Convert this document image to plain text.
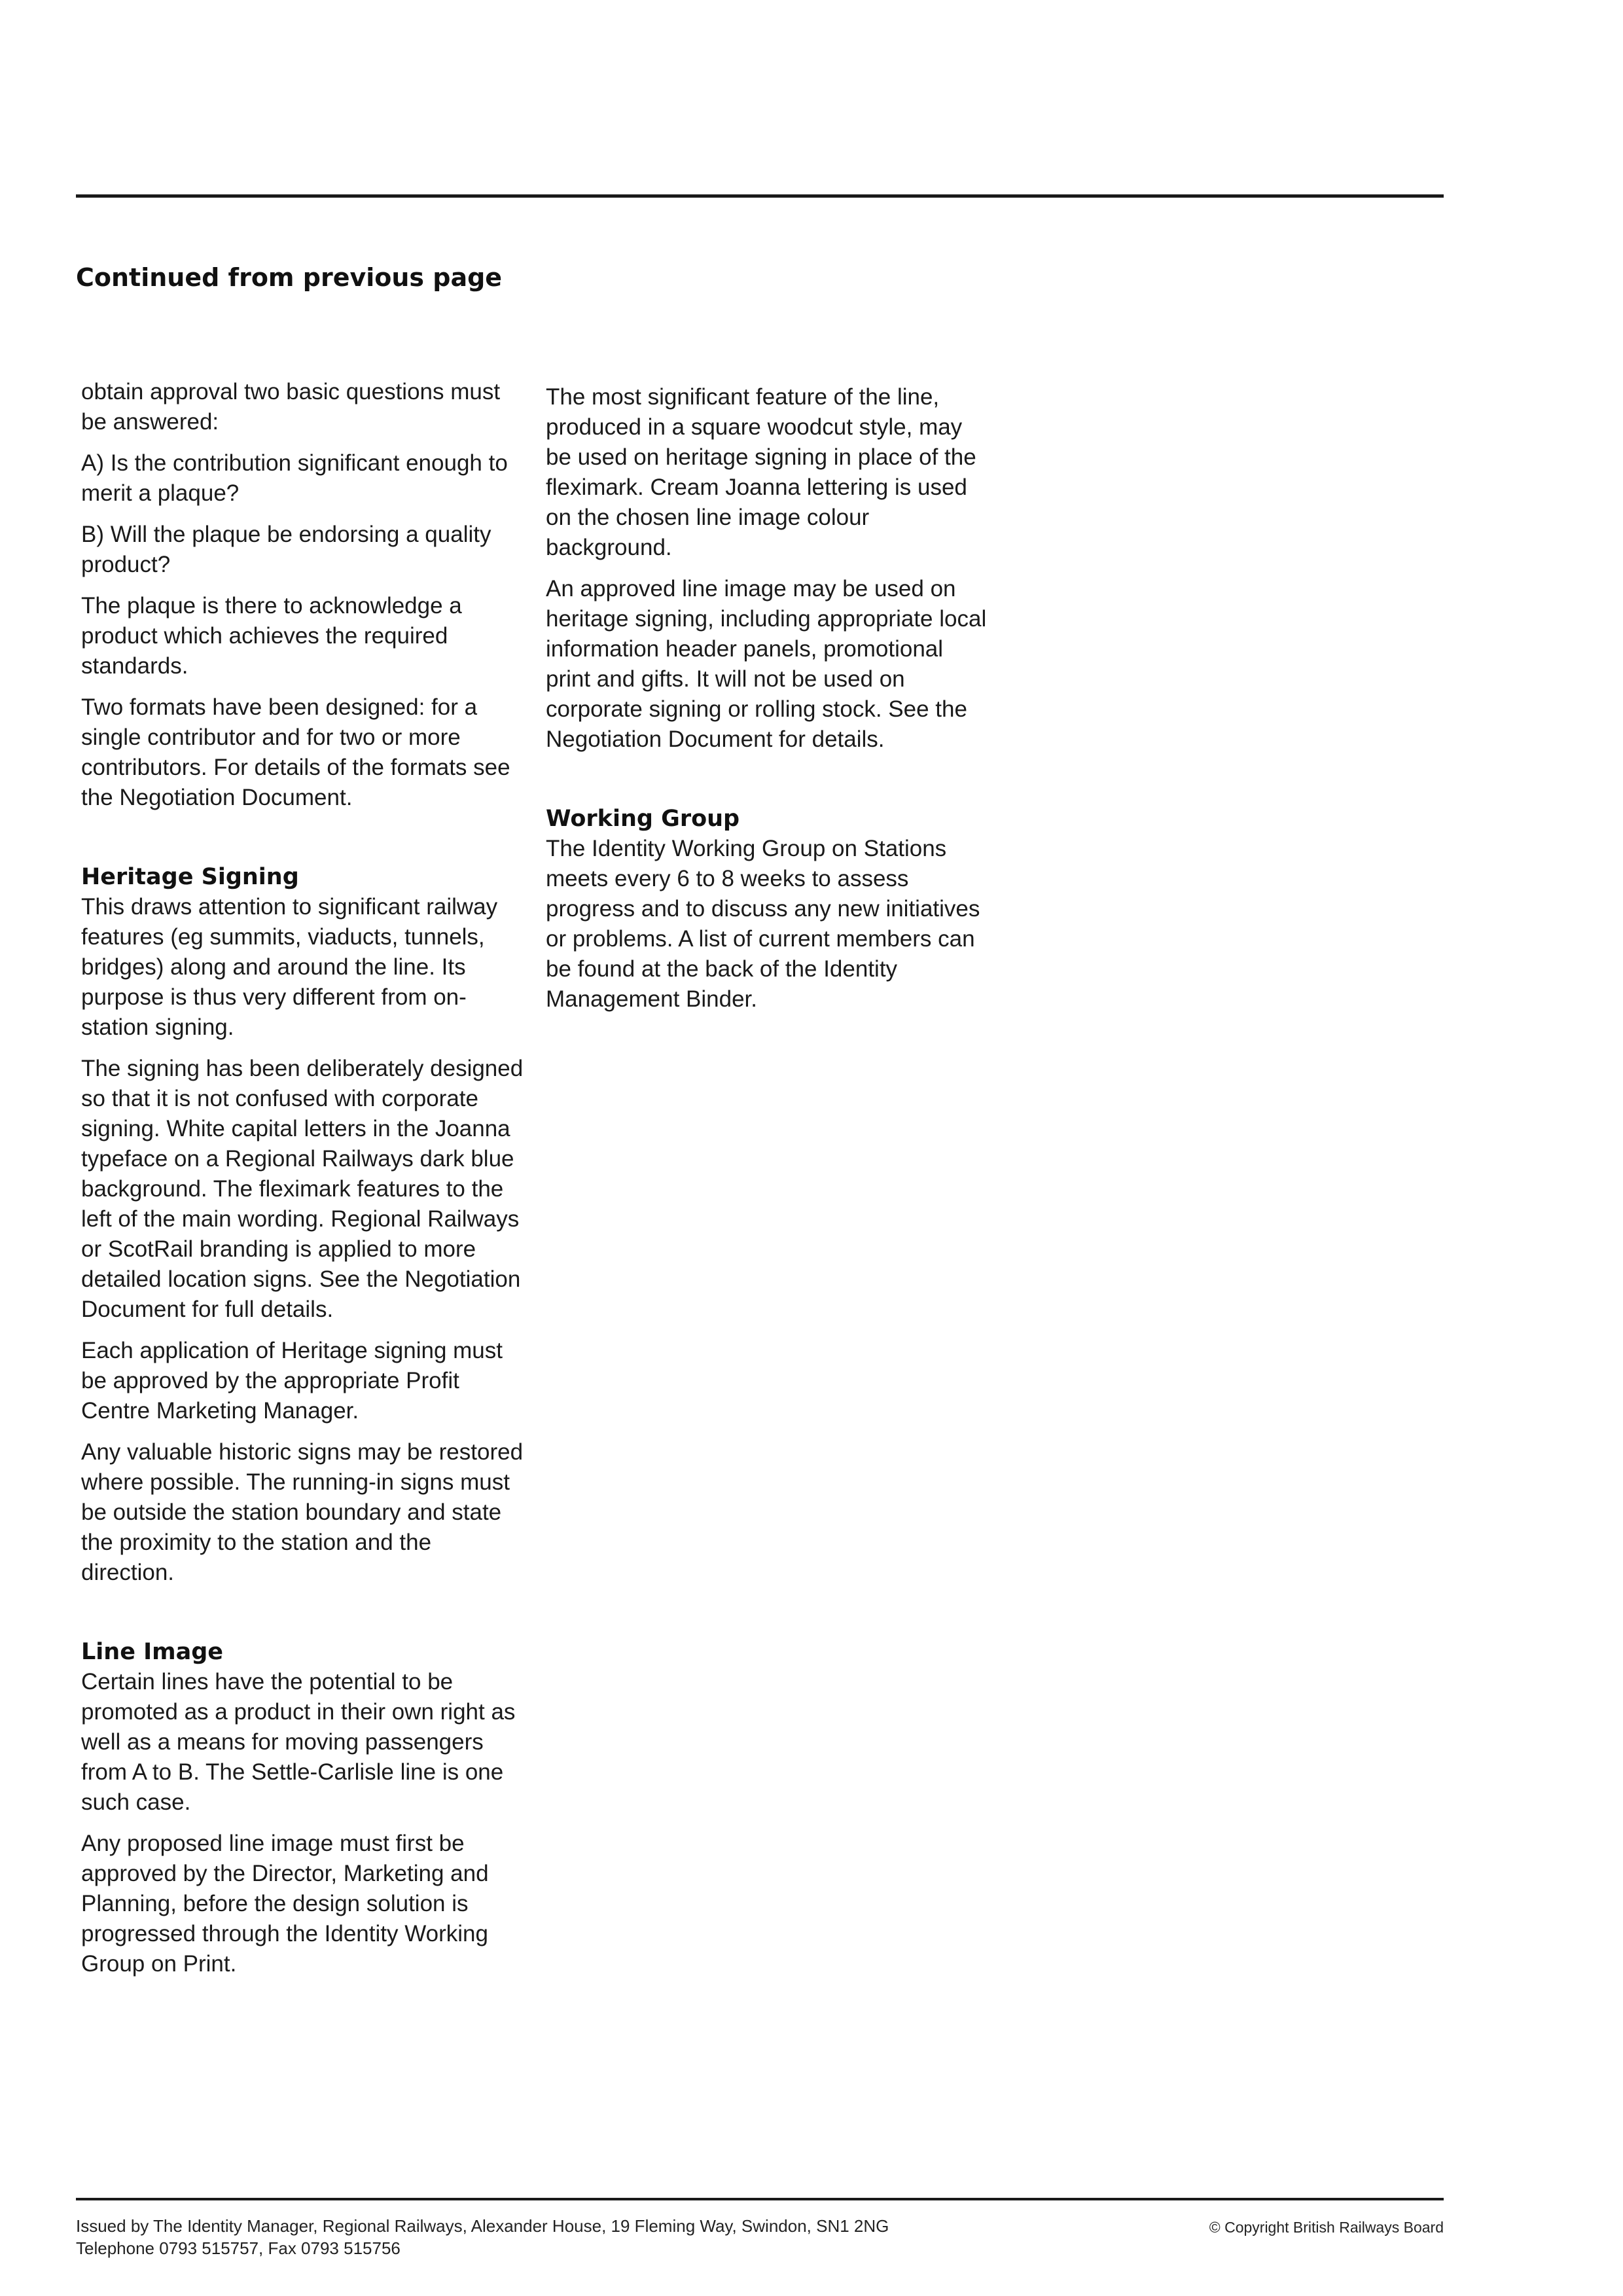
Continued from previous page

obtain approval two basic questions must be answered:

A) Is the contribution significant enough to merit a plaque?

B) Will the plaque be endorsing a quality product?

The plaque is there to acknowledge a product which achieves the required standards.

Two formats have been designed: for a single contributor and for two or more contributors. For details of the formats see the Negotiation Document.

Heritage Signing

This draws attention to significant railway features (eg summits, viaducts, tunnels, bridges) along and around the line. Its purpose is thus very different from on-station signing.

The signing has been deliberately designed so that it is not confused with corporate signing. White capital letters in the Joanna typeface on a Regional Railways dark blue background. The fleximark features to the left of the main wording. Regional Railways or ScotRail branding is applied to more detailed location signs. See the Negotiation Document for full details.

Each application of Heritage signing must be approved by the appropriate Profit Centre Marketing Manager.

Any valuable historic signs may be restored where possible. The running-in signs must be outside the station boundary and state the proximity to the station and the direction.

Line Image

Certain lines have the potential to be promoted as a product in their own right as well as a means for moving passengers from A to B. The Settle-Carlisle line is one such case.

Any proposed line image must first be approved by the Director, Marketing and Planning, before the design solution is progressed through the Identity Working Group on Print.

The most significant feature of the line, produced in a square woodcut style, may be used on heritage signing in place of the fleximark. Cream Joanna lettering is used on the chosen line image colour background.

An approved line image may be used on heritage signing, including appropriate local information header panels, promotional print and gifts. It will not be used on corporate signing or rolling stock. See the Negotiation Document for details.

Working Group

The Identity Working Group on Stations meets every 6 to 8 weeks to assess progress and to discuss any new initiatives or problems. A list of current members can be found at the back of the Identity Management Binder.

Issued by The Identity Manager, Regional Railways, Alexander House, 19 Fleming Way, Swindon, SN1 2NG
Telephone 0793 515757, Fax 0793 515756
© Copyright British Railways Board
